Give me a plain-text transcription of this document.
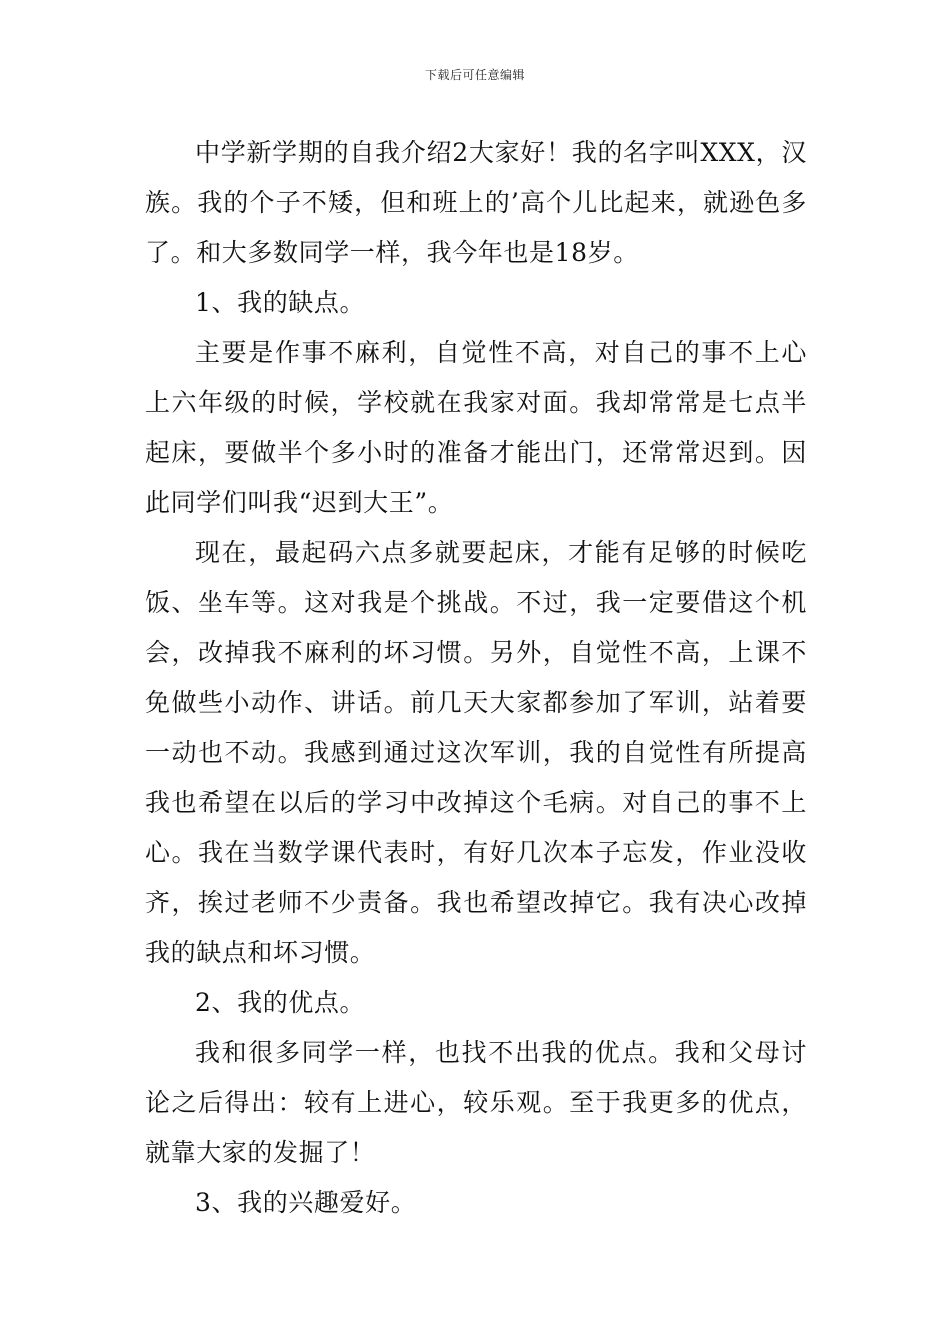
下载后可任意编辑

中学新学期的自我介绍2大家好！我的名字叫XXX，汉族。我的个子不矮，但和班上的’高个儿比起来，就逊色多了。和大多数同学一样，我今年也是18岁。

1、我的缺点。

主要是作事不麻利，自觉性不高，对自己的事不上心上六年级的时候，学校就在我家对面。我却常常是七点半起床，要做半个多小时的准备才能出门，还常常迟到。因此同学们叫我“迟到大王”。

现在，最起码六点多就要起床，才能有足够的时候吃饭、坐车等。这对我是个挑战。不过，我一定要借这个机会，改掉我不麻利的坏习惯。另外，自觉性不高，上课不免做些小动作、讲话。前几天大家都参加了军训，站着要一动也不动。我感到通过这次军训，我的自觉性有所提高我也希望在以后的学习中改掉这个毛病。对自己的事不上心。我在当数学课代表时，有好几次本子忘发，作业没收齐，挨过老师不少责备。我也希望改掉它。我有决心改掉我的缺点和坏习惯。

2、我的优点。

我和很多同学一样，也找不出我的优点。我和父母讨论之后得出：较有上进心，较乐观。至于我更多的优点，就靠大家的发掘了！

3、我的兴趣爱好。
